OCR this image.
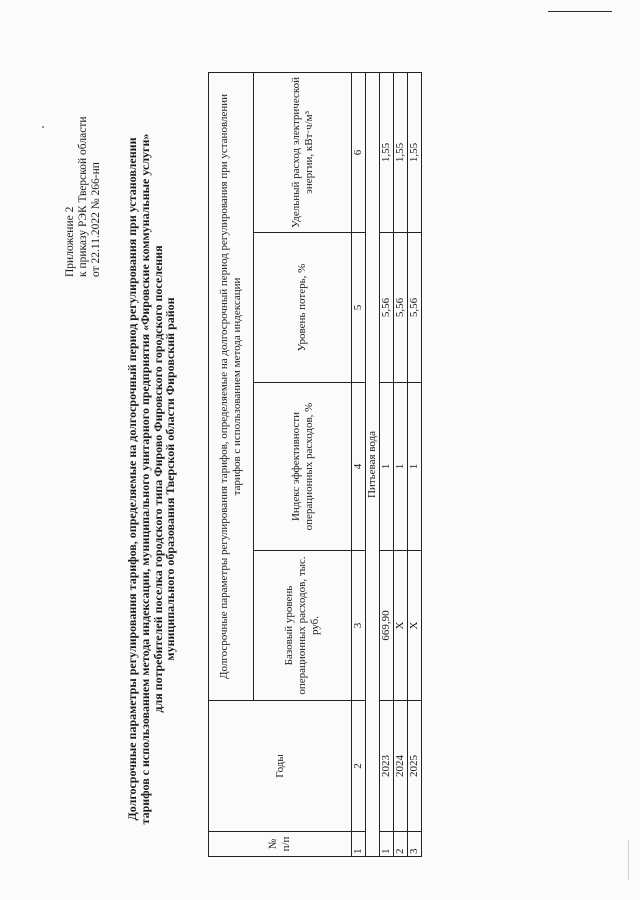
Приложение 2 к приказу РЭК Тверской области от 22.11.2022 № 266-нп Долгосрочные параметры регулирования тарифов, определяемые на долгосрочный период регулирования при установлении
тарифов с использованием метода индексации, муниципального унитарного предприятия «Фировские коммунальные услуги»
для потребителей поселка городского типа Фирово Фировского городского поселения
муниципального образования Тверской области Фировский район
№ п/п	Годы	Долгосрочные параметры регулирования тарифов, определяемые на долгосрочный период регулирования при установлении тарифов с использованием метода индексации			
		Базовый уровень операционных расходов, тыс. руб.	Индекс эффективности операционных расходов, %	Уровень потерь, %	Удельный расход электрической энергии, кВт·ч/м³
1	2	3	4	5	6
Питьевая вода					
1	2023	669,90	1	5,56	1,55
2	2024	Х	1	5,56	1,55
3	2025	Х	1	5,56	1,55
